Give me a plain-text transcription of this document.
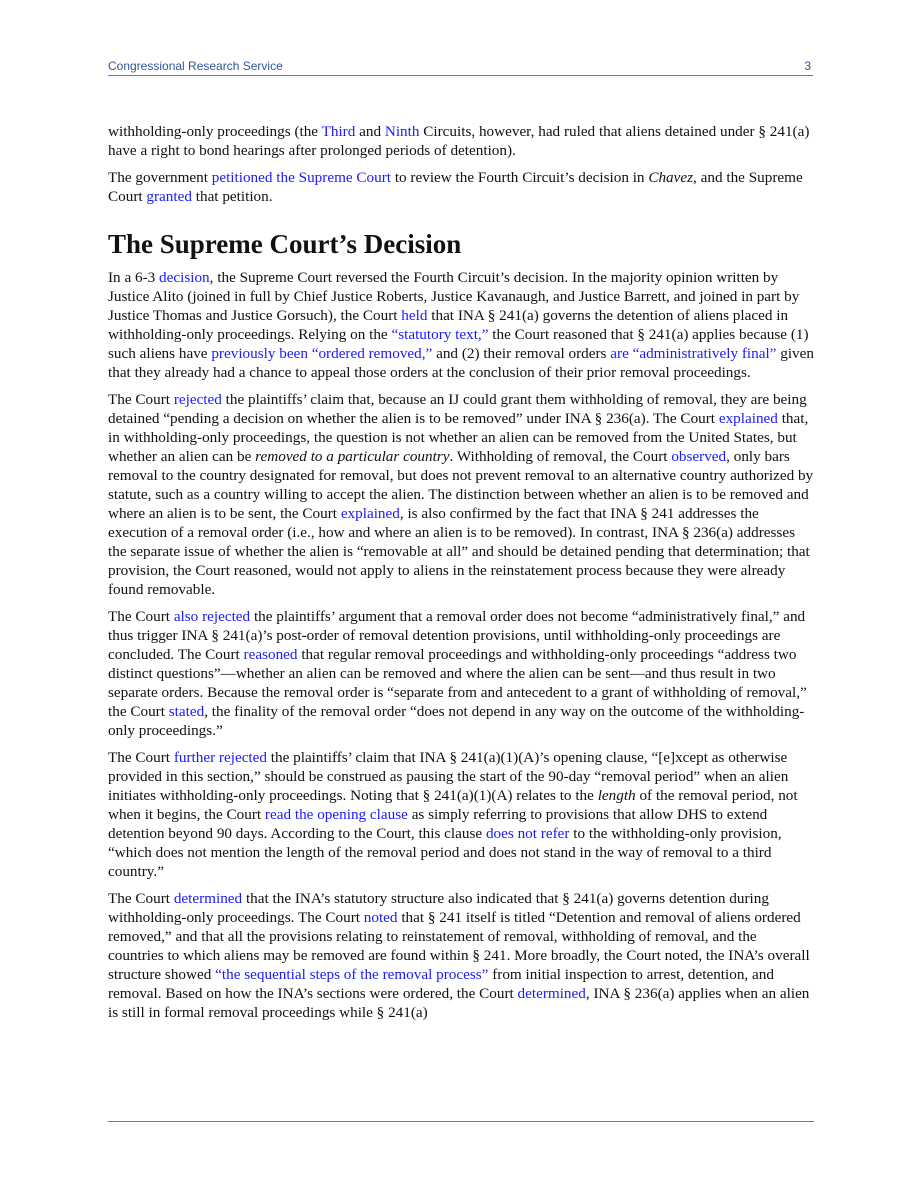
Congressional Research Service	3

withholding-only proceedings (the Third and Ninth Circuits, however, had ruled that aliens detained under § 241(a) have a right to bond hearings after prolonged periods of detention).

The government petitioned the Supreme Court to review the Fourth Circuit’s decision in Chavez, and the Supreme Court granted that petition.

The Supreme Court’s Decision

In a 6-3 decision, the Supreme Court reversed the Fourth Circuit’s decision. In the majority opinion written by Justice Alito (joined in full by Chief Justice Roberts, Justice Kavanaugh, and Justice Barrett, and joined in part by Justice Thomas and Justice Gorsuch), the Court held that INA § 241(a) governs the detention of aliens placed in withholding-only proceedings. Relying on the “statutory text,” the Court reasoned that § 241(a) applies because (1) such aliens have previously been “ordered removed,” and (2) their removal orders are “administratively final” given that they already had a chance to appeal those orders at the conclusion of their prior removal proceedings.

The Court rejected the plaintiffs’ claim that, because an IJ could grant them withholding of removal, they are being detained “pending a decision on whether the alien is to be removed” under INA § 236(a). The Court explained that, in withholding-only proceedings, the question is not whether an alien can be removed from the United States, but whether an alien can be removed to a particular country. Withholding of removal, the Court observed, only bars removal to the country designated for removal, but does not prevent removal to an alternative country authorized by statute, such as a country willing to accept the alien. The distinction between whether an alien is to be removed and where an alien is to be sent, the Court explained, is also confirmed by the fact that INA § 241 addresses the execution of a removal order (i.e., how and where an alien is to be removed). In contrast, INA § 236(a) addresses the separate issue of whether the alien is “removable at all” and should be detained pending that determination; that provision, the Court reasoned, would not apply to aliens in the reinstatement process because they were already found removable.

The Court also rejected the plaintiffs’ argument that a removal order does not become “administratively final,” and thus trigger INA § 241(a)’s post-order of removal detention provisions, until withholding-only proceedings are concluded. The Court reasoned that regular removal proceedings and withholding-only proceedings “address two distinct questions”—whether an alien can be removed and where the alien can be sent—and thus result in two separate orders. Because the removal order is “separate from and antecedent to a grant of withholding of removal,” the Court stated, the finality of the removal order “does not depend in any way on the outcome of the withholding-only proceedings.”

The Court further rejected the plaintiffs’ claim that INA § 241(a)(1)(A)’s opening clause, “[e]xcept as otherwise provided in this section,” should be construed as pausing the start of the 90-day “removal period” when an alien initiates withholding-only proceedings. Noting that § 241(a)(1)(A) relates to the length of the removal period, not when it begins, the Court read the opening clause as simply referring to provisions that allow DHS to extend detention beyond 90 days. According to the Court, this clause does not refer to the withholding-only provision, “which does not mention the length of the removal period and does not stand in the way of removal to a third country.”

The Court determined that the INA’s statutory structure also indicated that § 241(a) governs detention during withholding-only proceedings. The Court noted that § 241 itself is titled “Detention and removal of aliens ordered removed,” and that all the provisions relating to reinstatement of removal, withholding of removal, and the countries to which aliens may be removed are found within § 241. More broadly, the Court noted, the INA’s overall structure showed “the sequential steps of the removal process” from initial inspection to arrest, detention, and removal. Based on how the INA’s sections were ordered, the Court determined, INA § 236(a) applies when an alien is still in formal removal proceedings while § 241(a)
